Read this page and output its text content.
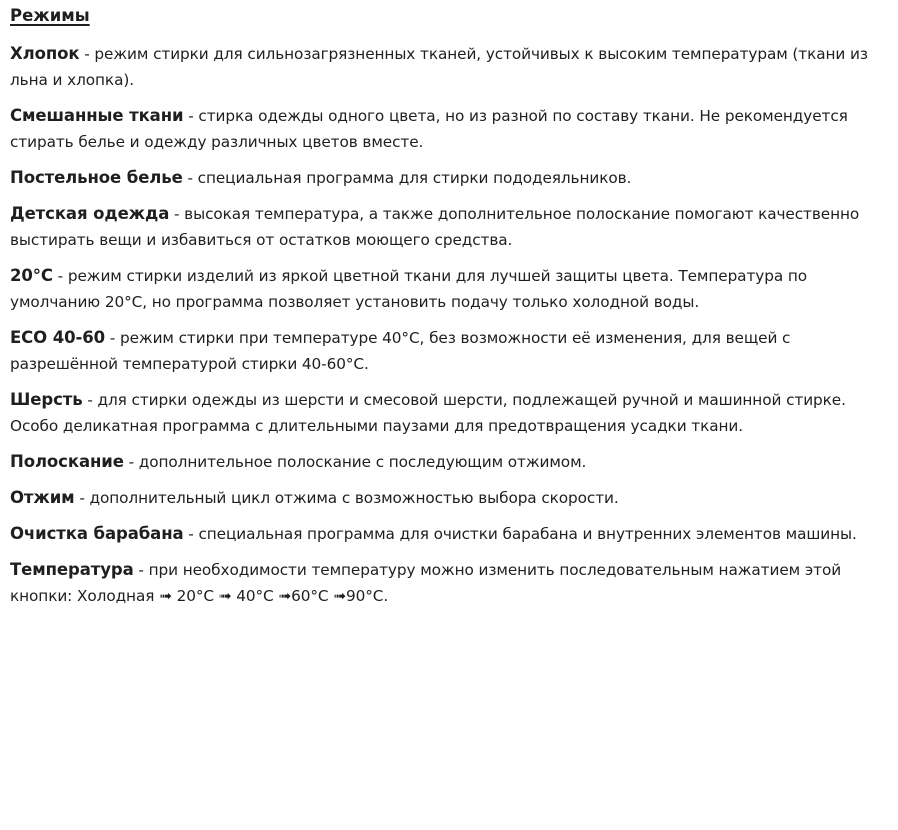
Режимы

Хлопок - режим стирки для сильнозагрязненных тканей, устойчивых к высоким температурам (ткани из льна и хлопка).

Смешанные ткани - стирка одежды одного цвета, но из разной по составу ткани. Не рекомендуется стирать белье и одежду различных цветов вместе.

Постельное белье - специальная программа для стирки пододеяльников.

Детская одежда - высокая температура, а также дополнительное полоскание помогают качественно выстирать вещи и избавиться от остатков моющего средства.

20°C - режим стирки изделий из яркой цветной ткани для лучшей защиты цвета. Температура по умолчанию 20°C, но программа позволяет установить подачу только холодной воды.

ECO 40-60 - режим стирки при температуре 40°C, без возможности её изменения, для вещей с разрешённой температурой стирки 40-60°C.

Шерсть - для стирки одежды из шерсти и смесовой шерсти, подлежащей ручной и машинной стирке. Особо деликатная программа с длительными паузами для предотвращения усадки ткани.

Полоскание - дополнительное полоскание с последующим отжимом.

Отжим - дополнительный цикл отжима с возможностью выбора скорости.

Очистка барабана - специальная программа для очистки барабана и внутренних элементов машины.

Температура - при необходимости температуру можно изменить последовательным нажатием этой кнопки: Холодная ➟ 20°C ➟ 40°C ➟60°C ➟90°C.
